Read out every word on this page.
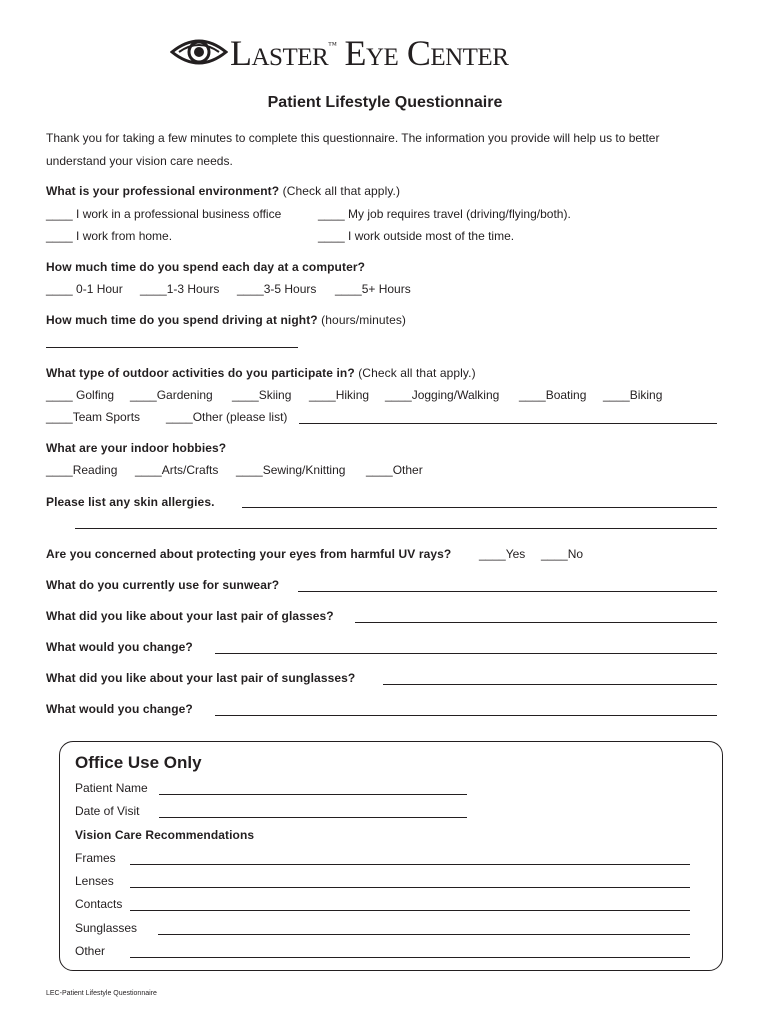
Laster™ Eye Center
Patient Lifestyle Questionnaire
Thank you for taking a few minutes to complete this questionnaire. The information you provide will help us to better
understand your vision care needs.
What is your professional environment? (Check all that apply.)
____ I work in a professional business office	____ My job requires travel (driving/flying/both).
____ I work from home.	____ I work outside most of the time.
How much time do you spend each day at a computer?
____ 0-1 Hour ____1-3 Hours ____3-5 Hours ____5+ Hours
How much time do you spend driving at night? (hours/minutes)
What type of outdoor activities do you participate in? (Check all that apply.)
____ Golfing ____Gardening ____Skiing ____Hiking ____Jogging/Walking ____Boating ____Biking
____Team Sports ____Other (please list)
What are your indoor hobbies?
____Reading ____Arts/Crafts ____Sewing/Knitting ____Other
Please list any skin allergies.
Are you concerned about protecting your eyes from harmful UV rays? ____Yes ____No
What do you currently use for sunwear?
What did you like about your last pair of glasses?
What would you change?
What did you like about your last pair of sunglasses?
What would you change?
Office Use Only
Patient Name
Date of Visit
Vision Care Recommendations
Frames
Lenses
Contacts
Sunglasses
Other
LEC-Patient Lifestyle Questionnaire
